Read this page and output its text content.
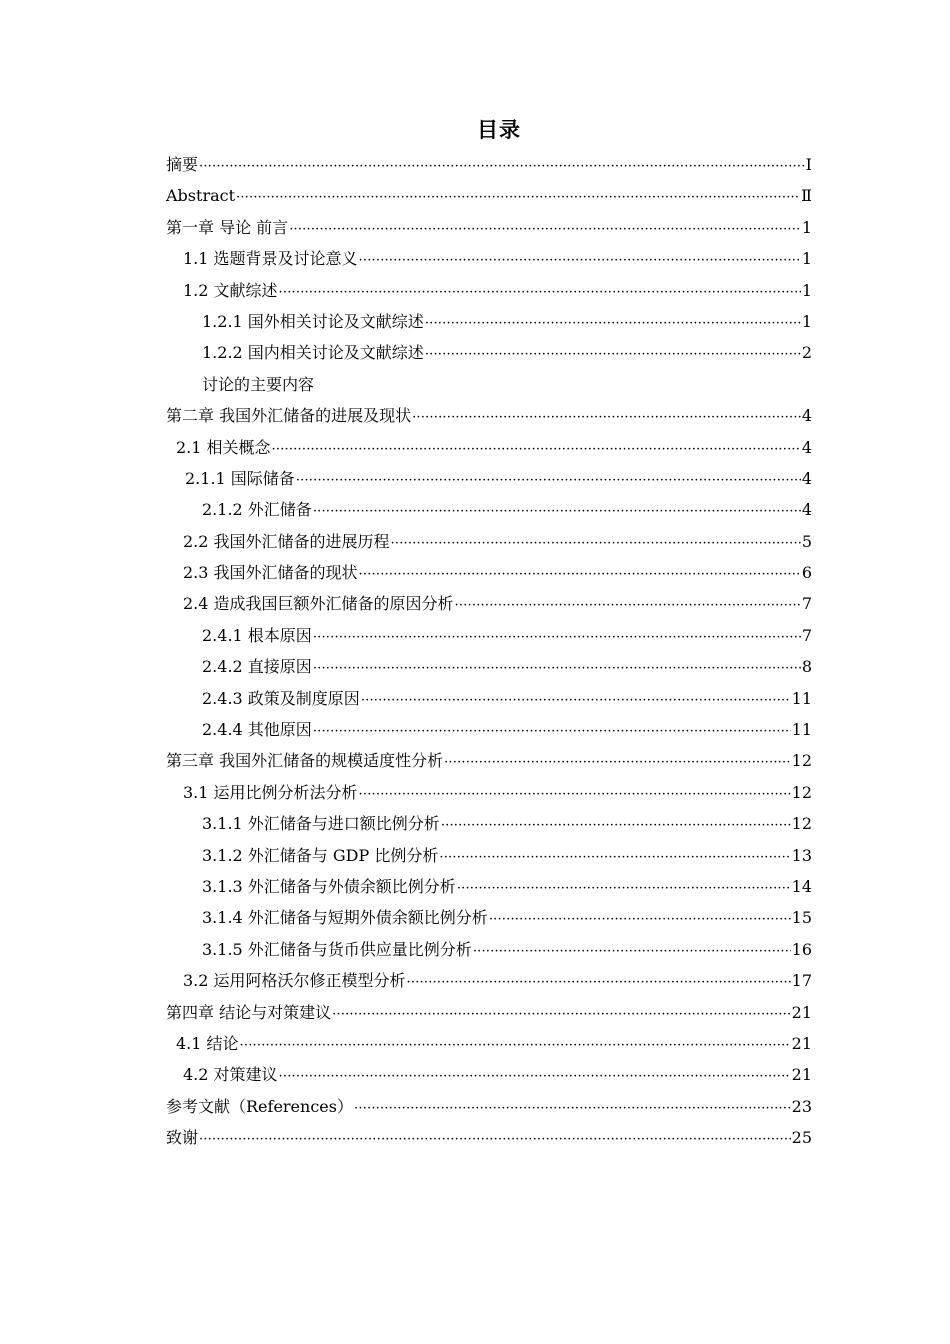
目录
摘要 ·····	Ⅰ
Abstract ·····	Ⅱ
第一章 导论 前言 ·····	1
1.1 选题背景及讨论意义 ·····	1
1.2 文献综述 ·····	1
1.2.1 国外相关讨论及文献综述 ·····	1
1.2.2 国内相关讨论及文献综述 ·····	2
讨论的主要内容
第二章 我国外汇储备的进展及现状 ·····	4
2.1 相关概念 ·····	4
2.1.1 国际储备 ·····	4
2.1.2 外汇储备 ·····	4
2.2 我国外汇储备的进展历程 ·····	5
2.3 我国外汇储备的现状 ·····	6
2.4 造成我国巨额外汇储备的原因分析 ·····	7
2.4.1 根本原因 ·····	7
2.4.2 直接原因 ·····	8
2.4.3 政策及制度原因 ·····	11
2.4.4 其他原因 ·····	11
第三章 我国外汇储备的规模适度性分析 ·····	12
3.1 运用比例分析法分析 ·····	12
3.1.1 外汇储备与进口额比例分析 ·····	12
3.1.2 外汇储备与 GDP 比例分析 ·····	13
3.1.3 外汇储备与外债余额比例分析 ·····	14
3.1.4 外汇储备与短期外债余额比例分析 ·····	15
3.1.5 外汇储备与货币供应量比例分析 ·····	16
3.2 运用阿格沃尔修正模型分析 ·····	17
第四章 结论与对策建议 ·····	21
4.1 结论 ·····	21
4.2 对策建议 ·····	21
参考文献（References） ·····	23
致谢 ·····	25
